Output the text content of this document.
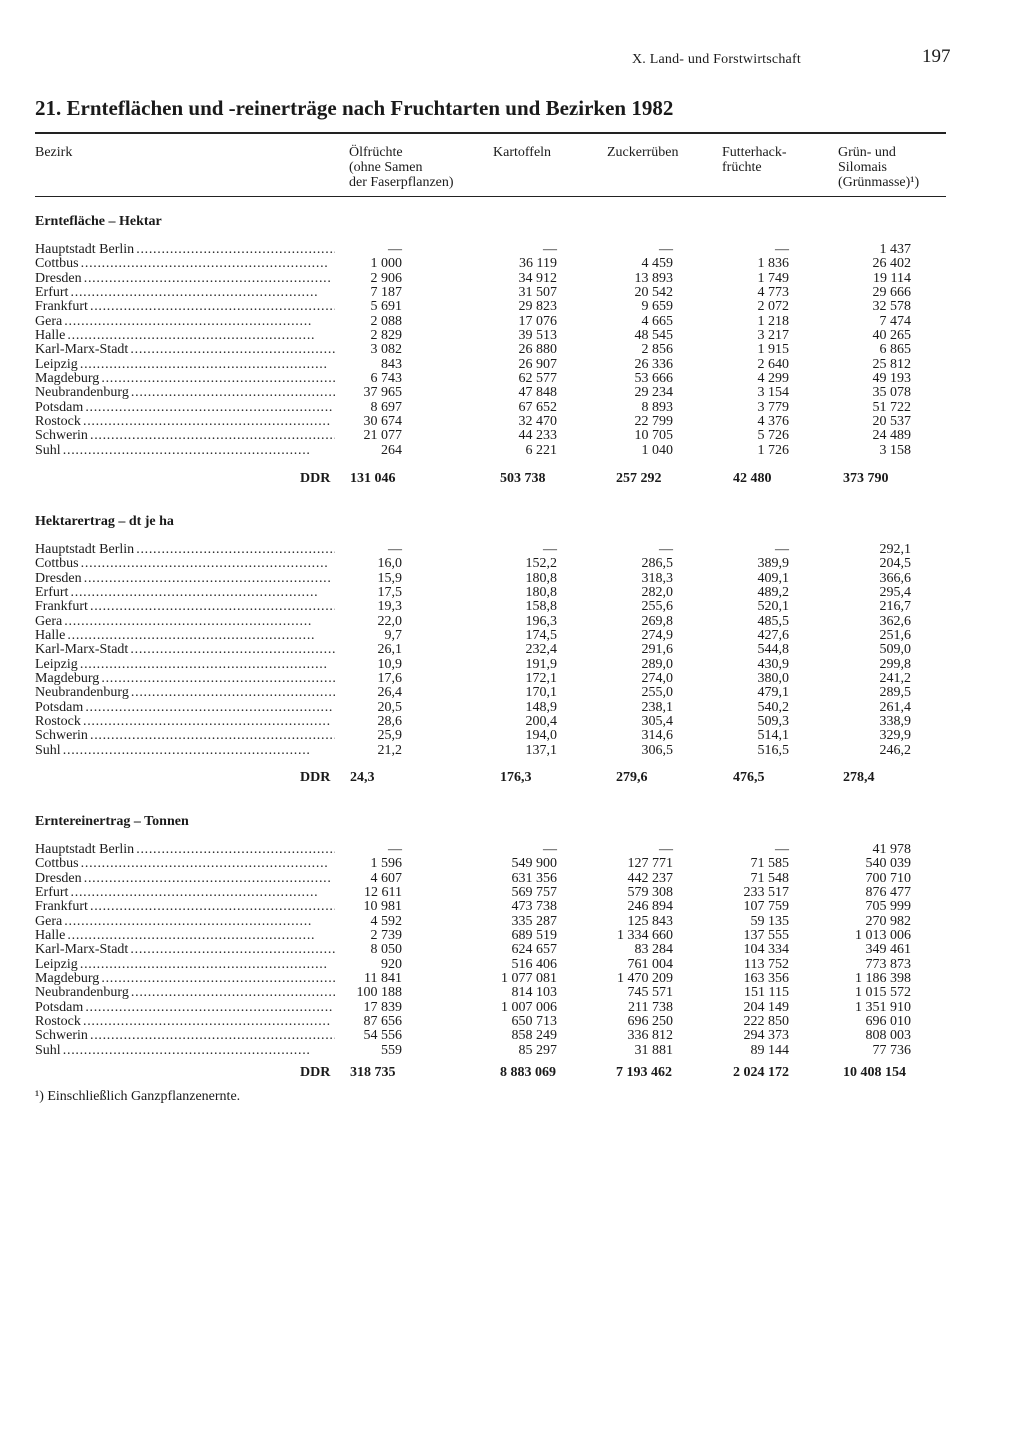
X. Land- und Forstwirtschaft	197
21. Ernteflächen und -reinerträge nach Fruchtarten und Bezirken 1982
Bezirk	Ölfrüchte
(ohne Samen
der Faserpflanzen)
Kartoffeln	Zuckerrüben	Futterhack-
früchte
Grün- und
Silomais
(Grünmasse)¹)
Erntefläche – Hektar
Hauptstadt Berlin . . .	—	—	—	—	1 437
Cottbus . . .	1 000	36 119	4 459	1 836	26 402
Dresden . . .	2 906	34 912	13 893	1 749	19 114
Erfurt . . .	7 187	31 507	20 542	4 773	29 666
Frankfurt . . .	5 691	29 823	9 659	2 072	32 578
Gera . . .	2 088	17 076	4 665	1 218	7 474
Halle . . .	2 829	39 513	48 545	3 217	40 265
Karl-Marx-Stadt . . .	3 082	26 880	2 856	1 915	6 865
Leipzig . . .	843	26 907	26 336	2 640	25 812
Magdeburg . . .	6 743	62 577	53 666	4 299	49 193
Neubrandenburg . . .	37 965	47 848	29 234	3 154	35 078
Potsdam . . .	8 697	67 652	8 893	3 779	51 722
Rostock . . .	30 674	32 470	22 799	4 376	20 537
Schwerin . . .	21 077	44 233	10 705	5 726	24 489
Suhl . . .	264	6 221	1 040	1 726	3 158
DDR 131 046	503 738	257 292	42 480	373 790
Hektarertrag – dt je ha
Hauptstadt Berlin . . .	—	—	—	—	292,1
Cottbus . . .	16,0	152,2	286,5	389,9	204,5
Dresden . . .	15,9	180,8	318,3	409,1	366,6
Erfurt . . .	17,5	180,8	282,0	489,2	295,4
Frankfurt . . .	19,3	158,8	255,6	520,1	216,7
Gera . . .	22,0	196,3	269,8	485,5	362,6
Halle . . .	9,7	174,5	274,9	427,6	251,6
Karl-Marx-Stadt . . .	26,1	232,4	291,6	544,8	509,0
Leipzig . . .	10,9	191,9	289,0	430,9	299,8
Magdeburg . . .	17,6	172,1	274,0	380,0	241,2
Neubrandenburg . . .	26,4	170,1	255,0	479,1	289,5
Potsdam . . .	20,5	148,9	238,1	540,2	261,4
Rostock . . .	28,6	200,4	305,4	509,3	338,9
Schwerin . . .	25,9	194,0	314,6	514,1	329,9
Suhl . . .	21,2	137,1	306,5	516,5	246,2
DDR 24,3	176,3	279,6	476,5	278,4
Erntereinertrag – Tonnen
Hauptstadt Berlin . . .	—	—	—	—	41 978
Cottbus . . .	1 596	549 900	127 771	71 585	540 039
Dresden . . .	4 607	631 356	442 237	71 548	700 710
Erfurt . . .	12 611	569 757	579 308	233 517	876 477
Frankfurt . . .	10 981	473 738	246 894	107 759	705 999
Gera . . .	4 592	335 287	125 843	59 135	270 982
Halle . . .	2 739	689 519	1 334 660	137 555	1 013 006
Karl-Marx-Stadt . . .	8 050	624 657	83 284	104 334	349 461
Leipzig . . .	920	516 406	761 004	113 752	773 873
Magdeburg . . .	11 841	1 077 081	1 470 209	163 356	1 186 398
Neubrandenburg . . .	100 188	814 103	745 571	151 115	1 015 572
Potsdam . . .	17 839	1 007 006	211 738	204 149	1 351 910
Rostock . . .	87 656	650 713	696 250	222 850	696 010
Schwerin . . .	54 556	858 249	336 812	294 373	808 003
Suhl . . .	559	85 297	31 881	89 144	77 736
DDR 318 735	8 883 069	7 193 462	2 024 172	10 408 154
¹) Einschließlich Ganzpflanzenernte.
